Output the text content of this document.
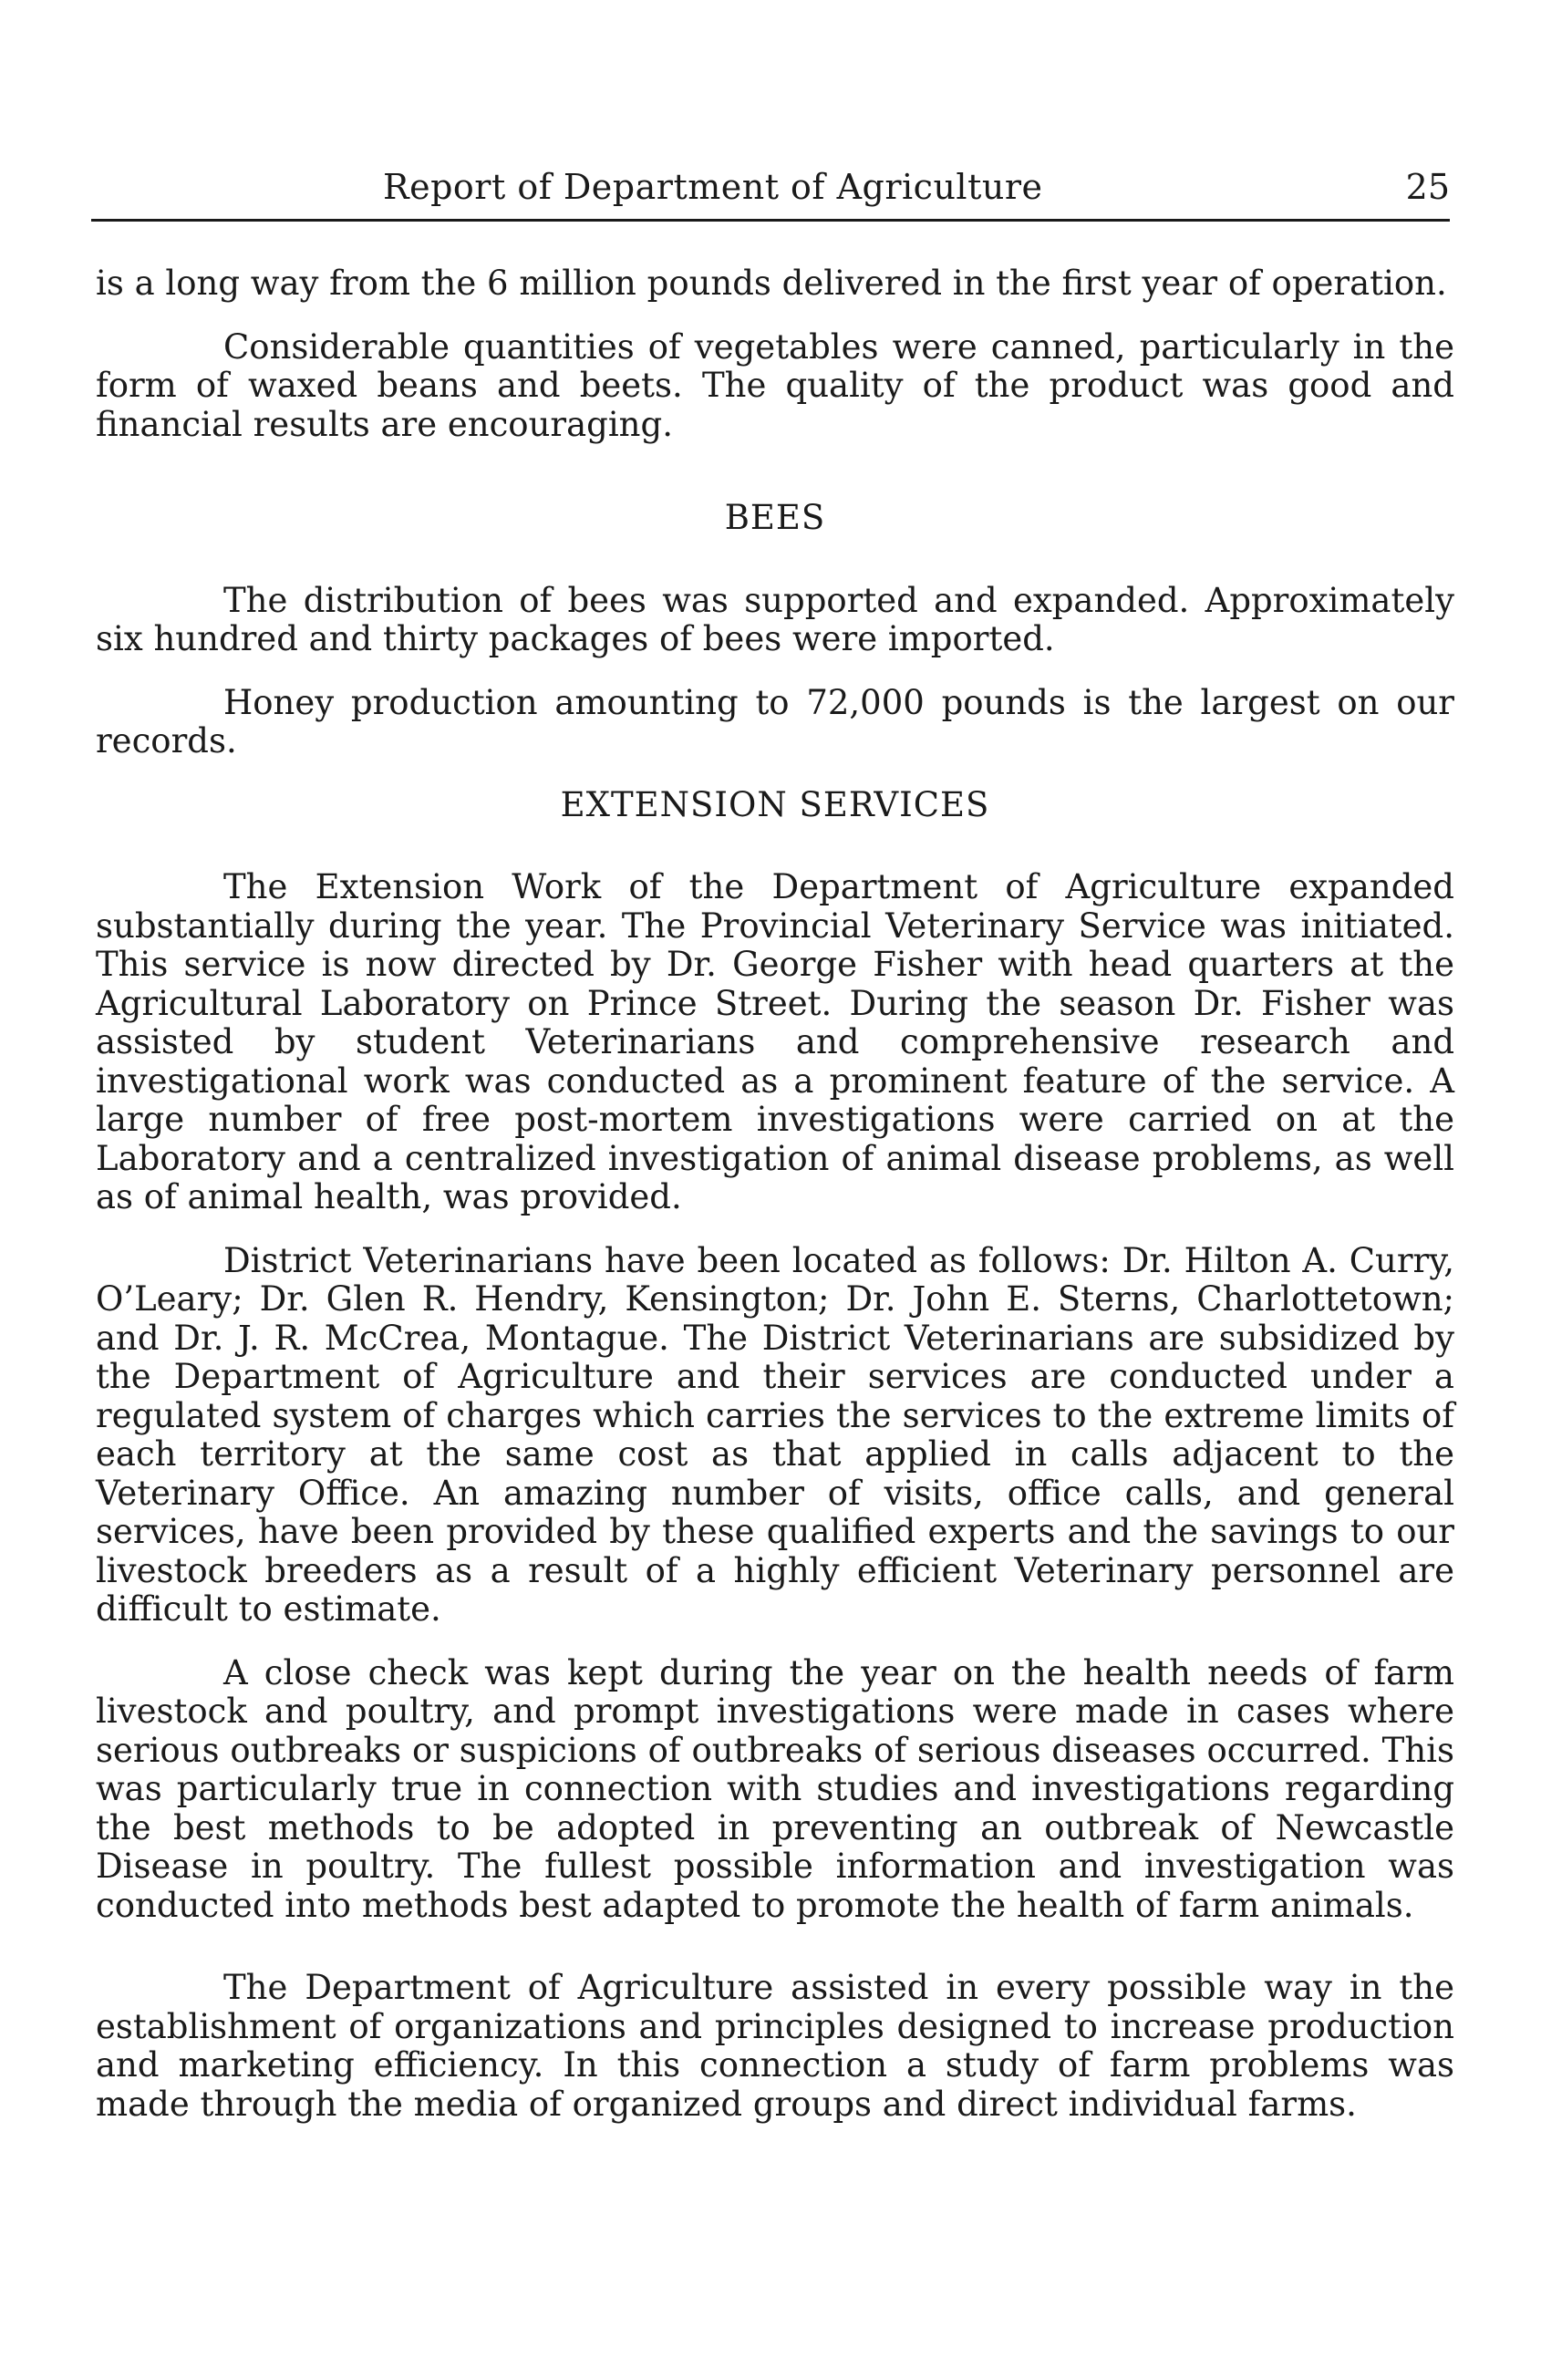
Report of Department of Agriculture	25

is a long way from the 6 million pounds delivered in the first year of operation.

Considerable quantities of vegetables were canned, particularly in the form of waxed beans and beets. The quality of the product was good and financial results are encouraging.

BEES

The distribution of bees was supported and expanded. Approximately six hundred and thirty packages of bees were imported.

Honey production amounting to 72,000 pounds is the largest on our records.

EXTENSION SERVICES

The Extension Work of the Department of Agriculture expanded substantially during the year. The Provincial Veterinary Service was initiated. This service is now directed by Dr. George Fisher with head quarters at the Agricultural Laboratory on Prince Street. During the season Dr. Fisher was assisted by student Veterinarians and comprehensive research and investigational work was conducted as a prominent feature of the service. A large number of free post-mortem investigations were carried on at the Laboratory and a centralized investigation of animal disease problems, as well as of animal health, was provided.

District Veterinarians have been located as follows: Dr. Hilton A. Curry, O’Leary; Dr. Glen R. Hendry, Kensington; Dr. John E. Sterns, Charlottetown; and Dr. J. R. McCrea, Montague. The District Veterinarians are subsidized by the Department of Agriculture and their services are conducted under a regulated system of charges which carries the services to the extreme limits of each territory at the same cost as that applied in calls adjacent to the Veterinary Office. An amazing number of visits, office calls, and general services, have been provided by these qualified experts and the savings to our livestock breeders as a result of a highly efficient Veterinary personnel are difficult to estimate.

A close check was kept during the year on the health needs of farm livestock and poultry, and prompt investigations were made in cases where serious outbreaks or suspicions of outbreaks of serious diseases occurred. This was particularly true in connection with studies and investigations regarding the best methods to be adopted in preventing an outbreak of Newcastle Disease in poultry. The fullest possible information and investigation was conducted into methods best adapted to promote the health of farm animals.

The Department of Agriculture assisted in every possible way in the establishment of organizations and principles designed to increase production and marketing efficiency. In this connection a study of farm problems was made through the media of organized groups and direct individual farms.
